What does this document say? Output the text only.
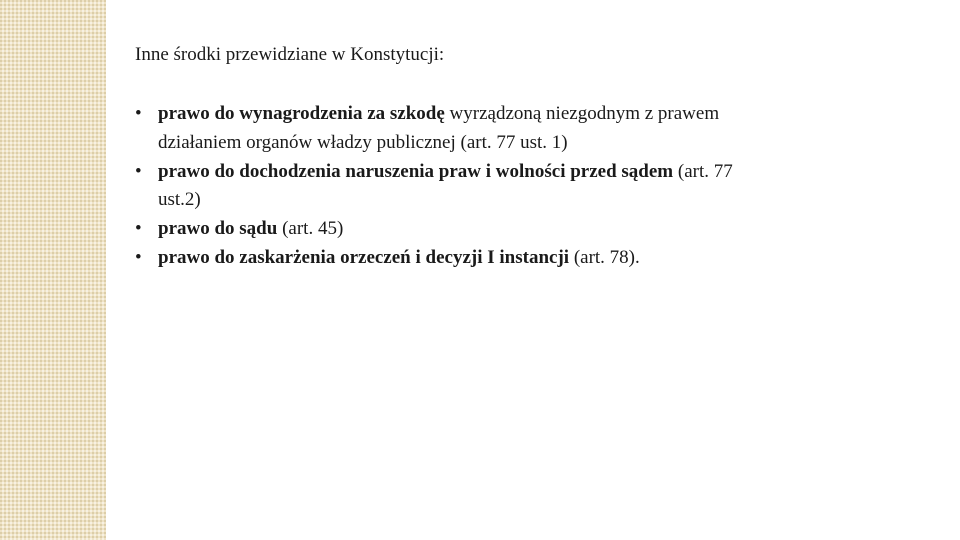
Inne środki przewidziane w Konstytucji:

• prawo do wynagrodzenia za szkodę wyrządzoną niezgodnym z prawem działaniem organów władzy publicznej (art. 77 ust. 1)
• prawo do dochodzenia naruszenia praw i wolności przed sądem (art. 77 ust.2)
• prawo do sądu (art. 45)
• prawo do zaskarżenia orzeczeń i decyzji I instancji (art. 78).
